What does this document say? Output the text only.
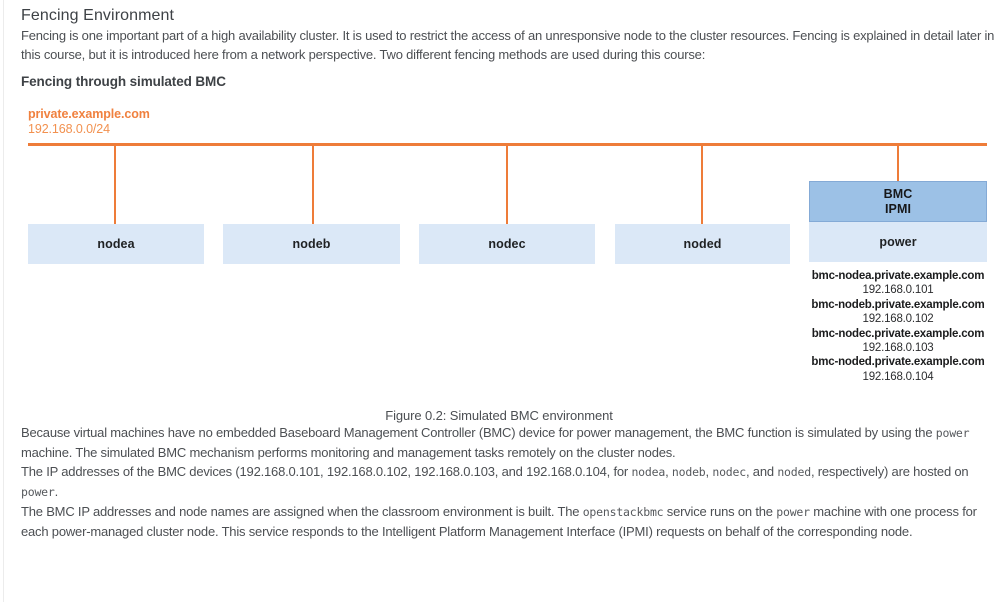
Fencing Environment

Fencing is one important part of a high availability cluster. It is used to restrict the access of an unresponsive node to the cluster resources. Fencing is explained in detail later in this course, but it is introduced here from a network perspective. Two different fencing methods are used during this course:

Fencing through simulated BMC
private.example.com
192.168.0.0/24
nodea	nodeb	nodec	noded
BMC
IPMI
power
bmc-nodea.private.example.com
192.168.0.101
bmc-nodeb.private.example.com
192.168.0.102
bmc-nodec.private.example.com
192.168.0.103
bmc-noded.private.example.com
192.168.0.104
Figure 0.2: Simulated BMC environment

Because virtual machines have no embedded Baseboard Management Controller (BMC) device for power management, the BMC function is simulated by using the power machine. The simulated BMC mechanism performs monitoring and management tasks remotely on the cluster nodes.

The IP addresses of the BMC devices (192.168.0.101, 192.168.0.102, 192.168.0.103, and 192.168.0.104, for nodea, nodeb, nodec, and noded, respectively) are hosted on power.

The BMC IP addresses and node names are assigned when the classroom environment is built. The openstackbmc service runs on the power machine with one process for each power-managed cluster node. This service responds to the Intelligent Platform Management Interface (IPMI) requests on behalf of the corresponding node.
